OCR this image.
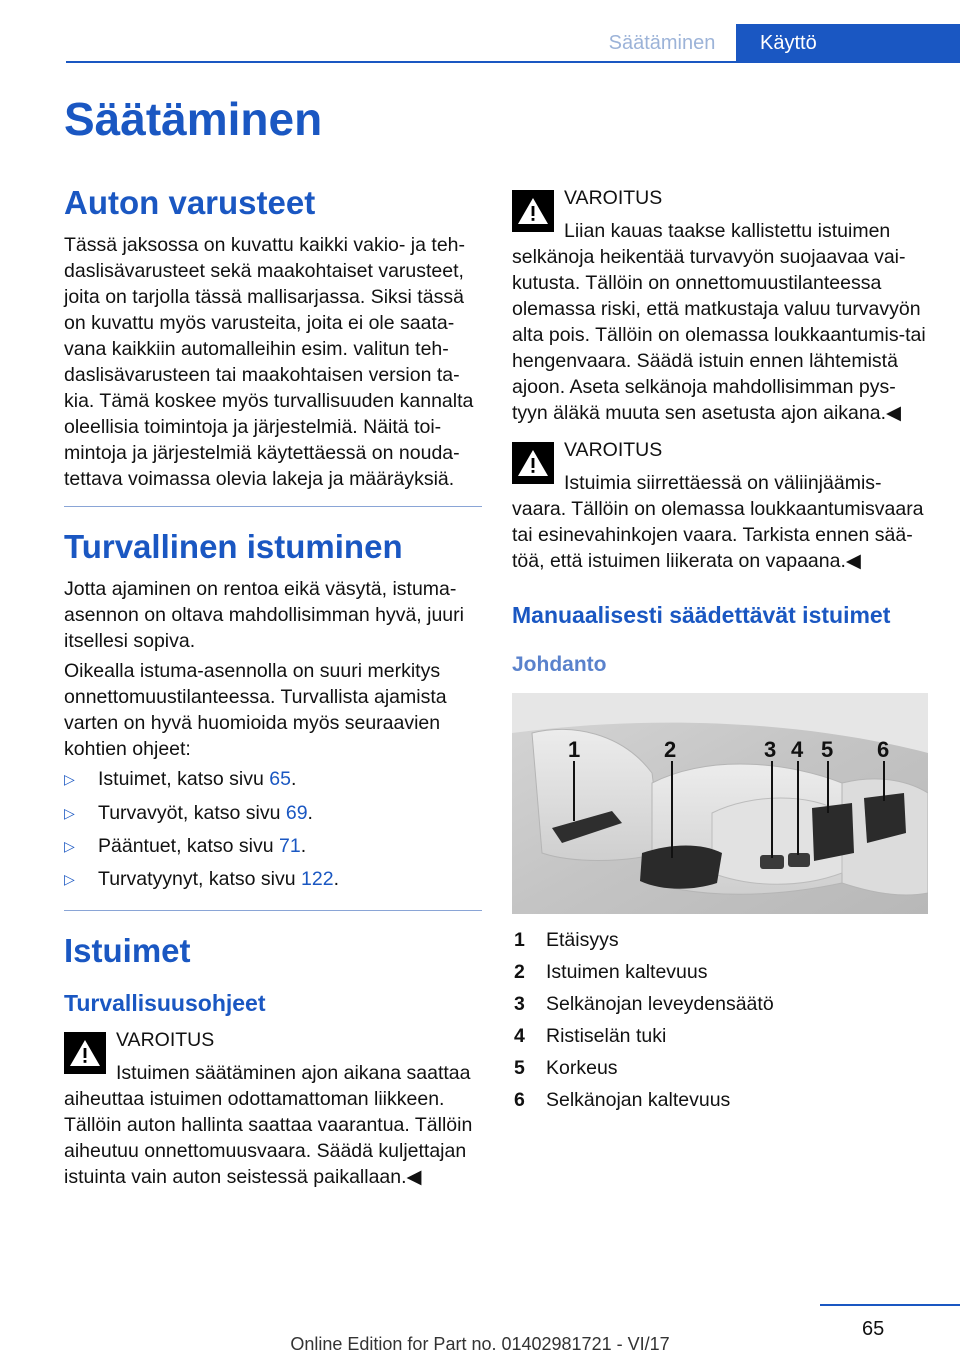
Säätäminen	Käyttö
Säätäminen
Auton varusteet

Tässä jaksossa on kuvattu kaikki vakio- ja teh-daslisävarusteet sekä maakohtaiset varusteet, joita on tarjolla tässä mallisarjassa. Siksi tässä on kuvattu myös varusteita, joita ei ole saata-vana kaikkiin automalleihin esim. valitun teh-daslisävarusteen tai maakohtaisen version ta-kia. Tämä koskee myös turvallisuuden kannalta oleellisia toimintoja ja järjestelmiä. Näitä toi-mintoja ja järjestelmiä käytettäessä on nouda-tettava voimassa olevia lakeja ja määräyksiä.

Turvallinen istuminen

Jotta ajaminen on rentoa eikä väsytä, istuma-asennon on oltava mahdollisimman hyvä, juuri itsellesi sopiva.

Oikealla istuma-asennolla on suuri merkitys onnettomuustilanteessa. Turvallista ajamista varten on hyvä huomioida myös seuraavien kohtien ohjeet:

▷ Istuimet, katso sivu 65.
▷ Turvavyöt, katso sivu 69.
▷ Pääntuet, katso sivu 71.
▷ Turvatyynyt, katso sivu 122.
Istuimet
Turvallisuusohjeet
VAROITUS
Istuimen säätäminen ajon aikana saattaa
aiheuttaa istuimen odottamattoman liikkeen. Tällöin auton hallinta saattaa vaarantua. Tällöin aiheutuu onnettomuusvaara. Säädä kuljettajan istuinta vain auton seistessä paikallaan.◀
VAROITUS
Liian kauas taakse kallistettu istuimen
selkänoja heikentää turvavyön suojaavaa vai-kutusta. Tällöin on onnettomuustilanteessa olemassa riski, että matkustaja valuu turvavyön alta pois. Tällöin on olemassa loukkaantumis-tai hengenvaara. Säädä istuin ennen lähtemistä ajoon. Aseta selkänoja mahdollisimman pys-tyyn äläkä muuta sen asetusta ajon aikana.◀
VAROITUS
Istuimia siirrettäessä on väliinjäämis-
vaara. Tällöin on olemassa loukkaantumisvaara tai esinevahinkojen vaara. Tarkista ennen sää-töä, että istuimen liikerata on vapaana.◀
Manuaalisesti säädettävät istuimet
Johdanto
1	2	3 4 5 6
1 Etäisyys
2 Istuimen kaltevuus
3 Selkänojan leveydensäätö
4 Ristiselän tuki
5 Korkeus
6 Selkänojan kaltevuus
65
Online Edition for Part no. 01402981721 - VI/17
